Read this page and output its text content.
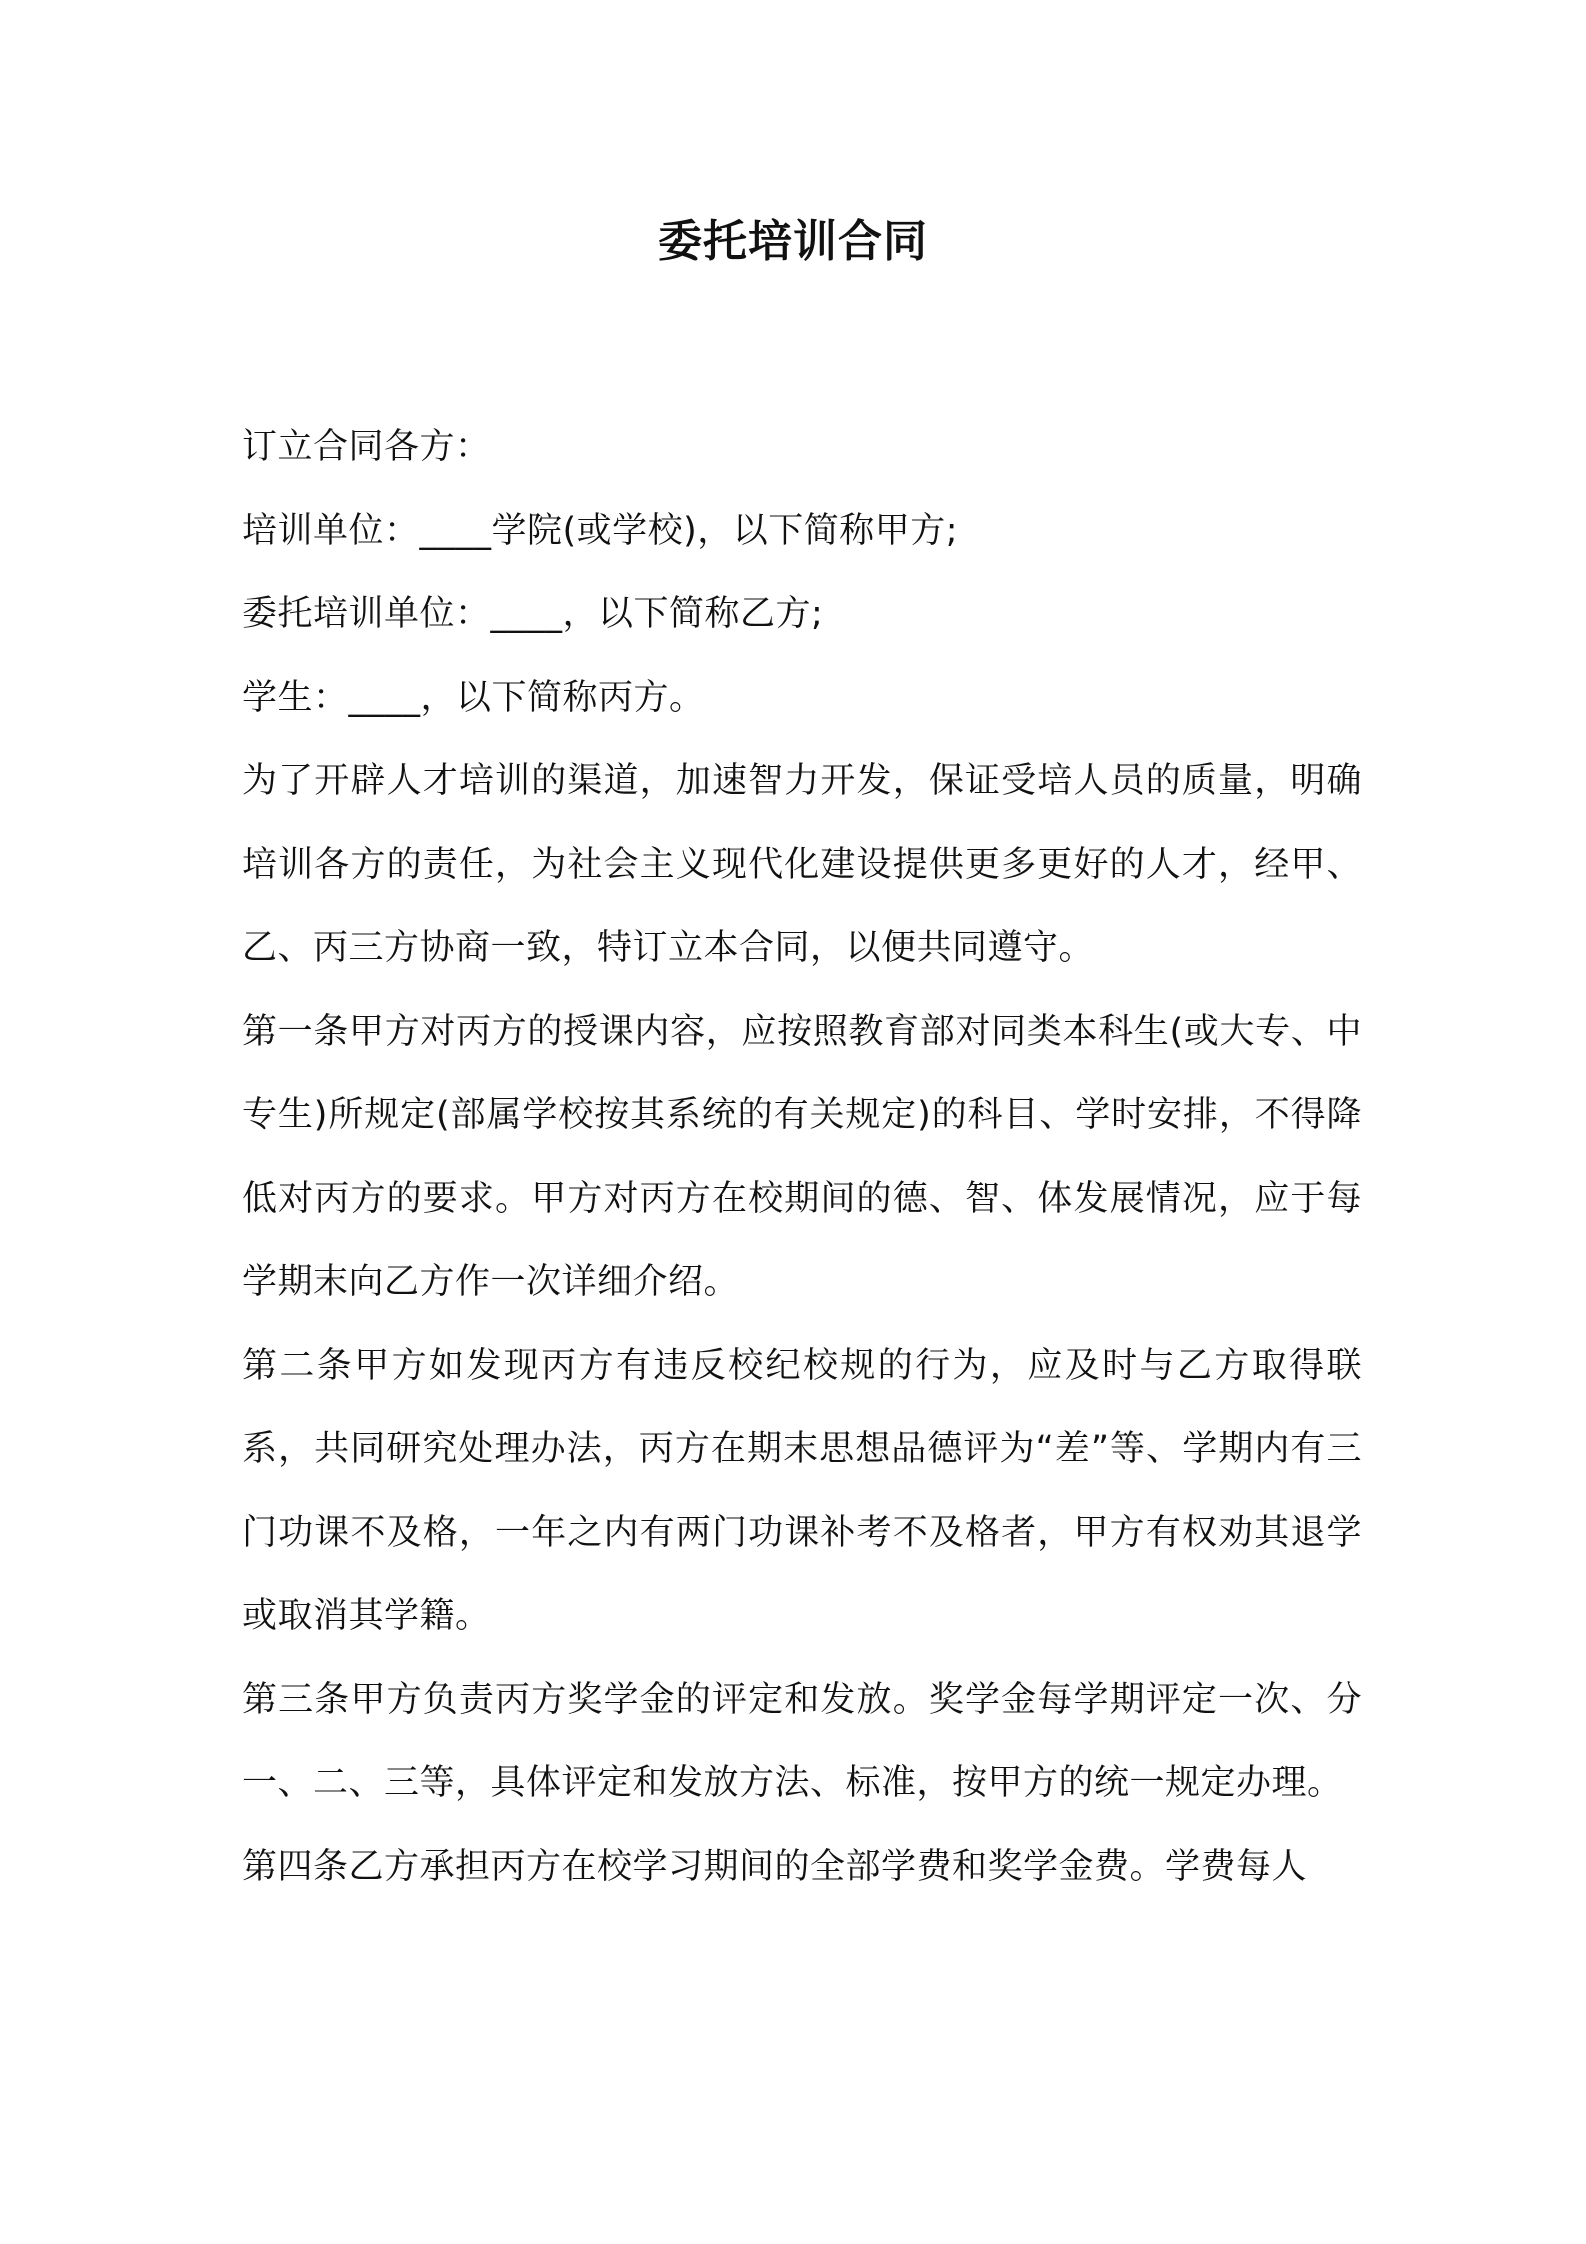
委托培训合同

订立合同各方：

培训单位：____学院(或学校)，以下简称甲方;

委托培训单位：____，以下简称乙方;

学生：____，以下简称丙方。

为了开辟人才培训的渠道，加速智力开发，保证受培人员的质量，明确培训各方的责任，为社会主义现代化建设提供更多更好的人才，经甲、乙、丙三方协商一致，特订立本合同，以便共同遵守。

第一条甲方对丙方的授课内容，应按照教育部对同类本科生(或大专、中专生)所规定(部属学校按其系统的有关规定)的科目、学时安排，不得降低对丙方的要求。甲方对丙方在校期间的德、智、体发展情况，应于每学期末向乙方作一次详细介绍。

第二条甲方如发现丙方有违反校纪校规的行为，应及时与乙方取得联系，共同研究处理办法，丙方在期末思想品德评为“差”等、学期内有三门功课不及格，一年之内有两门功课补考不及格者，甲方有权劝其退学或取消其学籍。

第三条甲方负责丙方奖学金的评定和发放。奖学金每学期评定一次、分一、二、三等，具体评定和发放方法、标准，按甲方的统一规定办理。

第四条乙方承担丙方在校学习期间的全部学费和奖学金费。学费每人
